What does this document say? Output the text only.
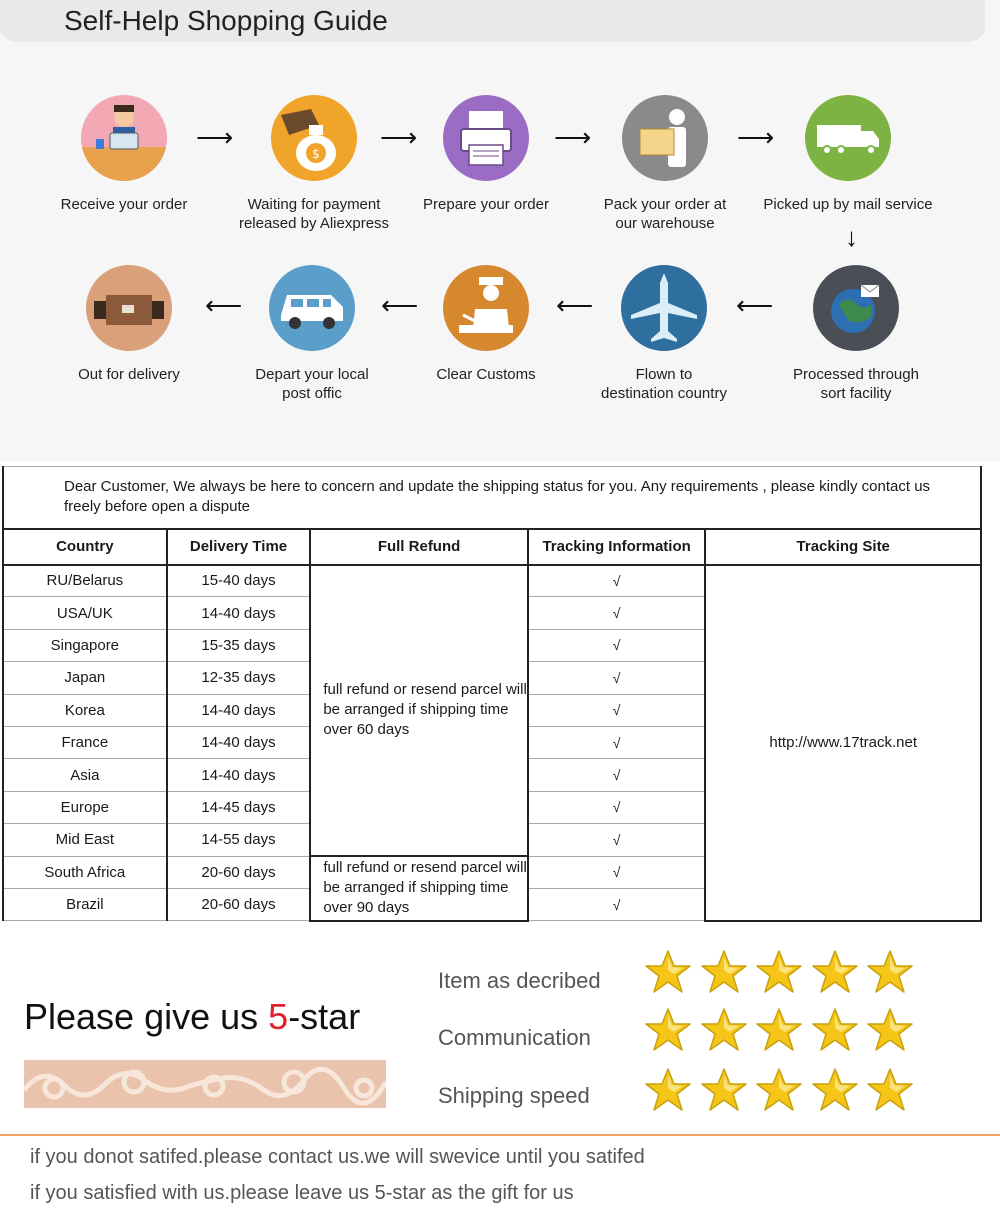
Self-Help Shopping Guide
Receive your order
⟶
$
Waiting for payment
released by Aliexpress
⟶
Prepare your order
⟶
Pack your order at
our warehouse
⟶
Picked up by mail service
↓
Processed through
sort facility
⟵
Flown to
destination country
⟵
Clear Customs
⟵
Depart your local
post offic
⟵
Out for delivery
Dear Customer, We always be here to concern and update the shipping status for you. Any requirements , please kindly contact us freely before open a dispute				
Country	Delivery Time	Full Refund	Tracking Information	Tracking Site
RU/Belarus	15-40 days	full refund or resend parcel will be arranged if shipping time over 60 days	√	http://www.17track.net
USA/UK	14-40 days		√	
Singapore	15-35 days		√	
Japan	12-35 days		√	
Korea	14-40 days		√	
France	14-40 days		√	
Asia	14-40 days		√	
Europe	14-45 days		√	
Mid East	14-55 days		√	
South Africa	20-60 days	full refund or resend parcel will be arranged if shipping time over 90 days	√	
Brazil	20-60 days		√	
Please give us 5-star
Item as decribed
Communication
Shipping speed
if you donot satifed.please contact us.we will swevice until you satifed
if you satisfied with us.please leave us 5-star as the gift for us
